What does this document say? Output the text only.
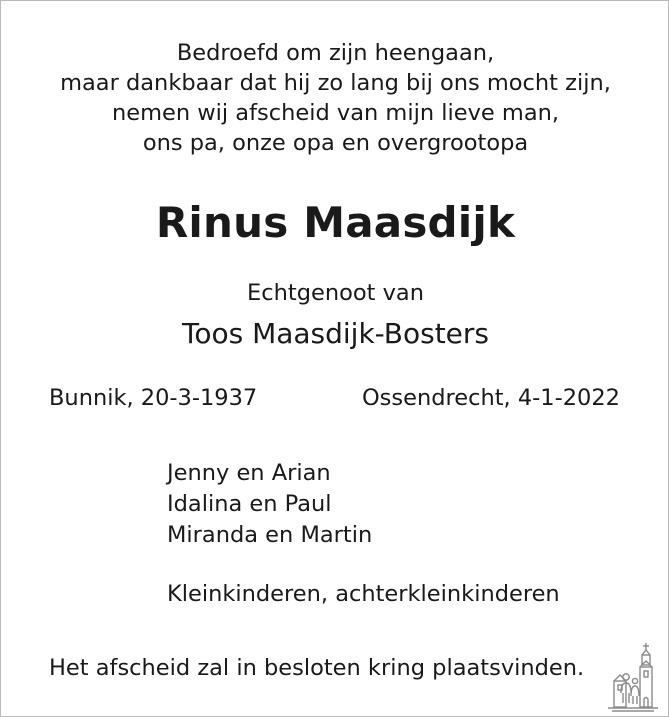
Bedroefd om zijn heengaan,
maar dankbaar dat hij zo lang bij ons mocht zijn,
nemen wij afscheid van mijn lieve man,
ons pa, onze opa en overgrootopa
Rinus Maasdijk
Echtgenoot van
Toos Maasdijk-Bosters
Bunnik, 20-3-1937	Ossendrecht, 4-1-2022
Jenny en Arian
Idalina en Paul
Miranda en Martin
Kleinkinderen, achterkleinkinderen
Het afscheid zal in besloten kring plaatsvinden.
